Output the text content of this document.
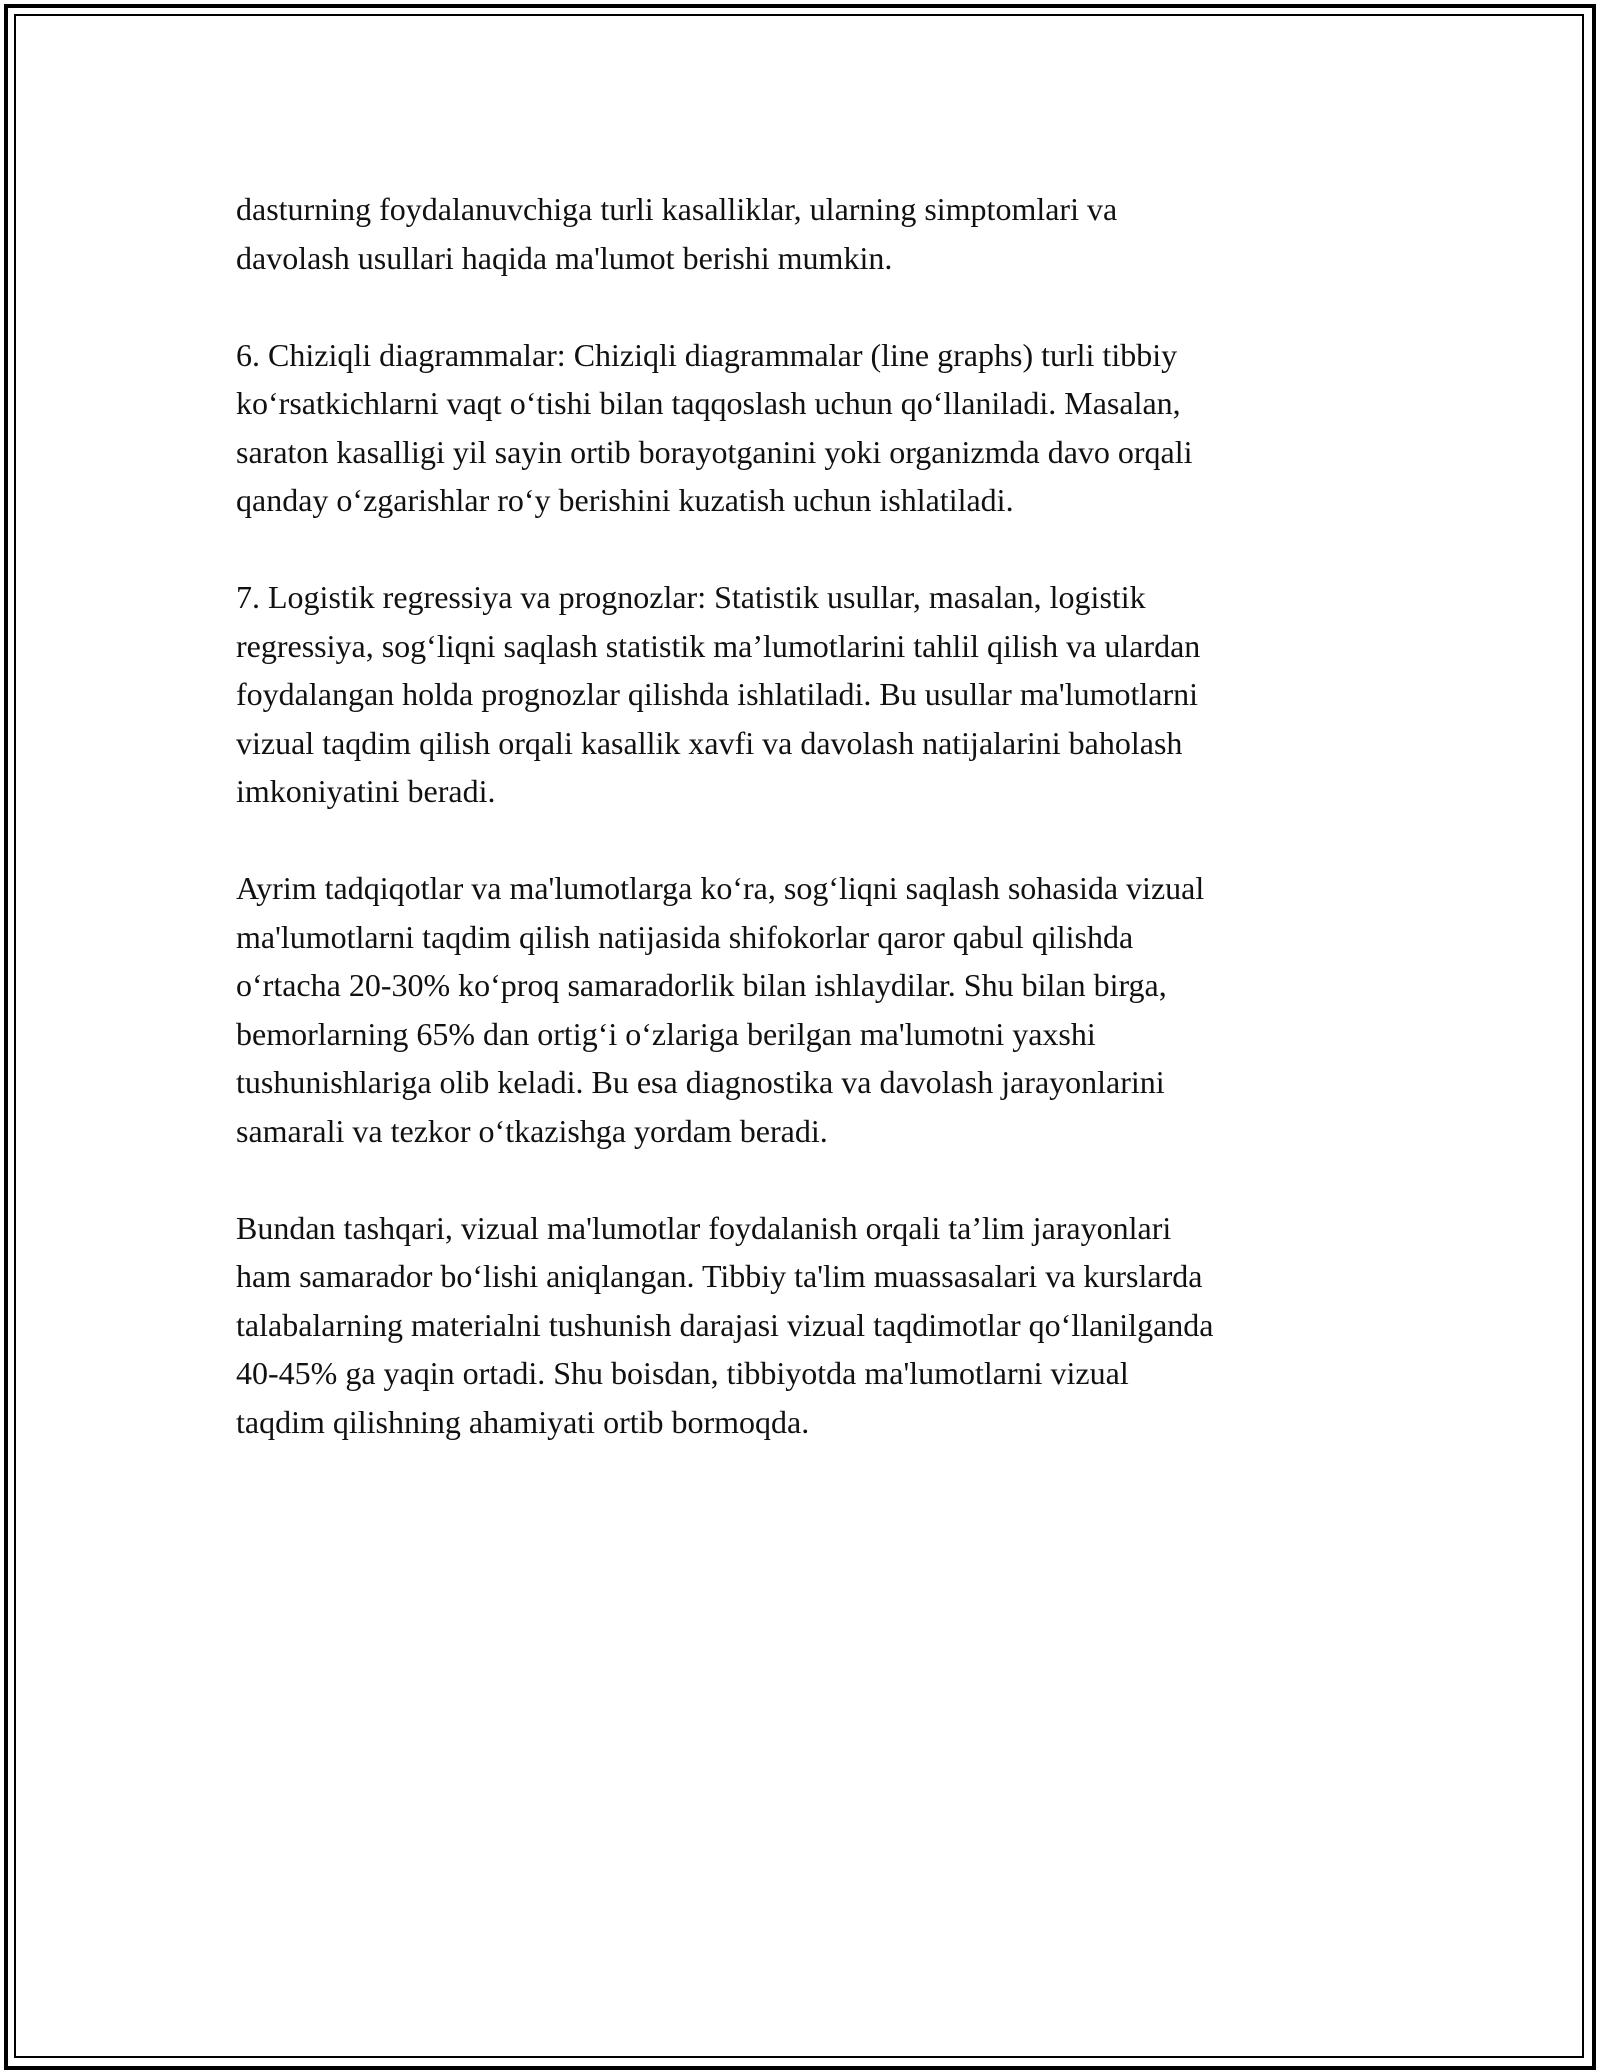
dasturning foydalanuvchiga turli kasalliklar, ularning simptomlari va
davolash usullari haqida ma'lumot berishi mumkin.

6. Chiziqli diagrammalar: Chiziqli diagrammalar (line graphs) turli tibbiy
koʻrsatkichlarni vaqt oʻtishi bilan taqqoslash uchun qoʻllaniladi. Masalan,
saraton kasalligi yil sayin ortib borayotganini yoki organizmda davo orqali
qanday oʻzgarishlar roʻy berishini kuzatish uchun ishlatiladi.

7. Logistik regressiya va prognozlar: Statistik usullar, masalan, logistik
regressiya, sogʻliqni saqlash statistik maʼlumotlarini tahlil qilish va ulardan
foydalangan holda prognozlar qilishda ishlatiladi. Bu usullar ma'lumotlarni
vizual taqdim qilish orqali kasallik xavfi va davolash natijalarini baholash
imkoniyatini beradi.

Ayrim tadqiqotlar va ma'lumotlarga koʻra, sogʻliqni saqlash sohasida vizual
ma'lumotlarni taqdim qilish natijasida shifokorlar qaror qabul qilishda
oʻrtacha 20-30% koʻproq samaradorlik bilan ishlaydilar. Shu bilan birga,
bemorlarning 65% dan ortigʻi oʻzlariga berilgan ma'lumotni yaxshi
tushunishlariga olib keladi. Bu esa diagnostika va davolash jarayonlarini
samarali va tezkor oʻtkazishga yordam beradi.

Bundan tashqari, vizual ma'lumotlar foydalanish orqali taʼlim jarayonlari
ham samarador boʻlishi aniqlangan. Tibbiy ta'lim muassasalari va kurslarda
talabalarning materialni tushunish darajasi vizual taqdimotlar qoʻllanilganda
40-45% ga yaqin ortadi. Shu boisdan, tibbiyotda ma'lumotlarni vizual
taqdim qilishning ahamiyati ortib bormoqda.
